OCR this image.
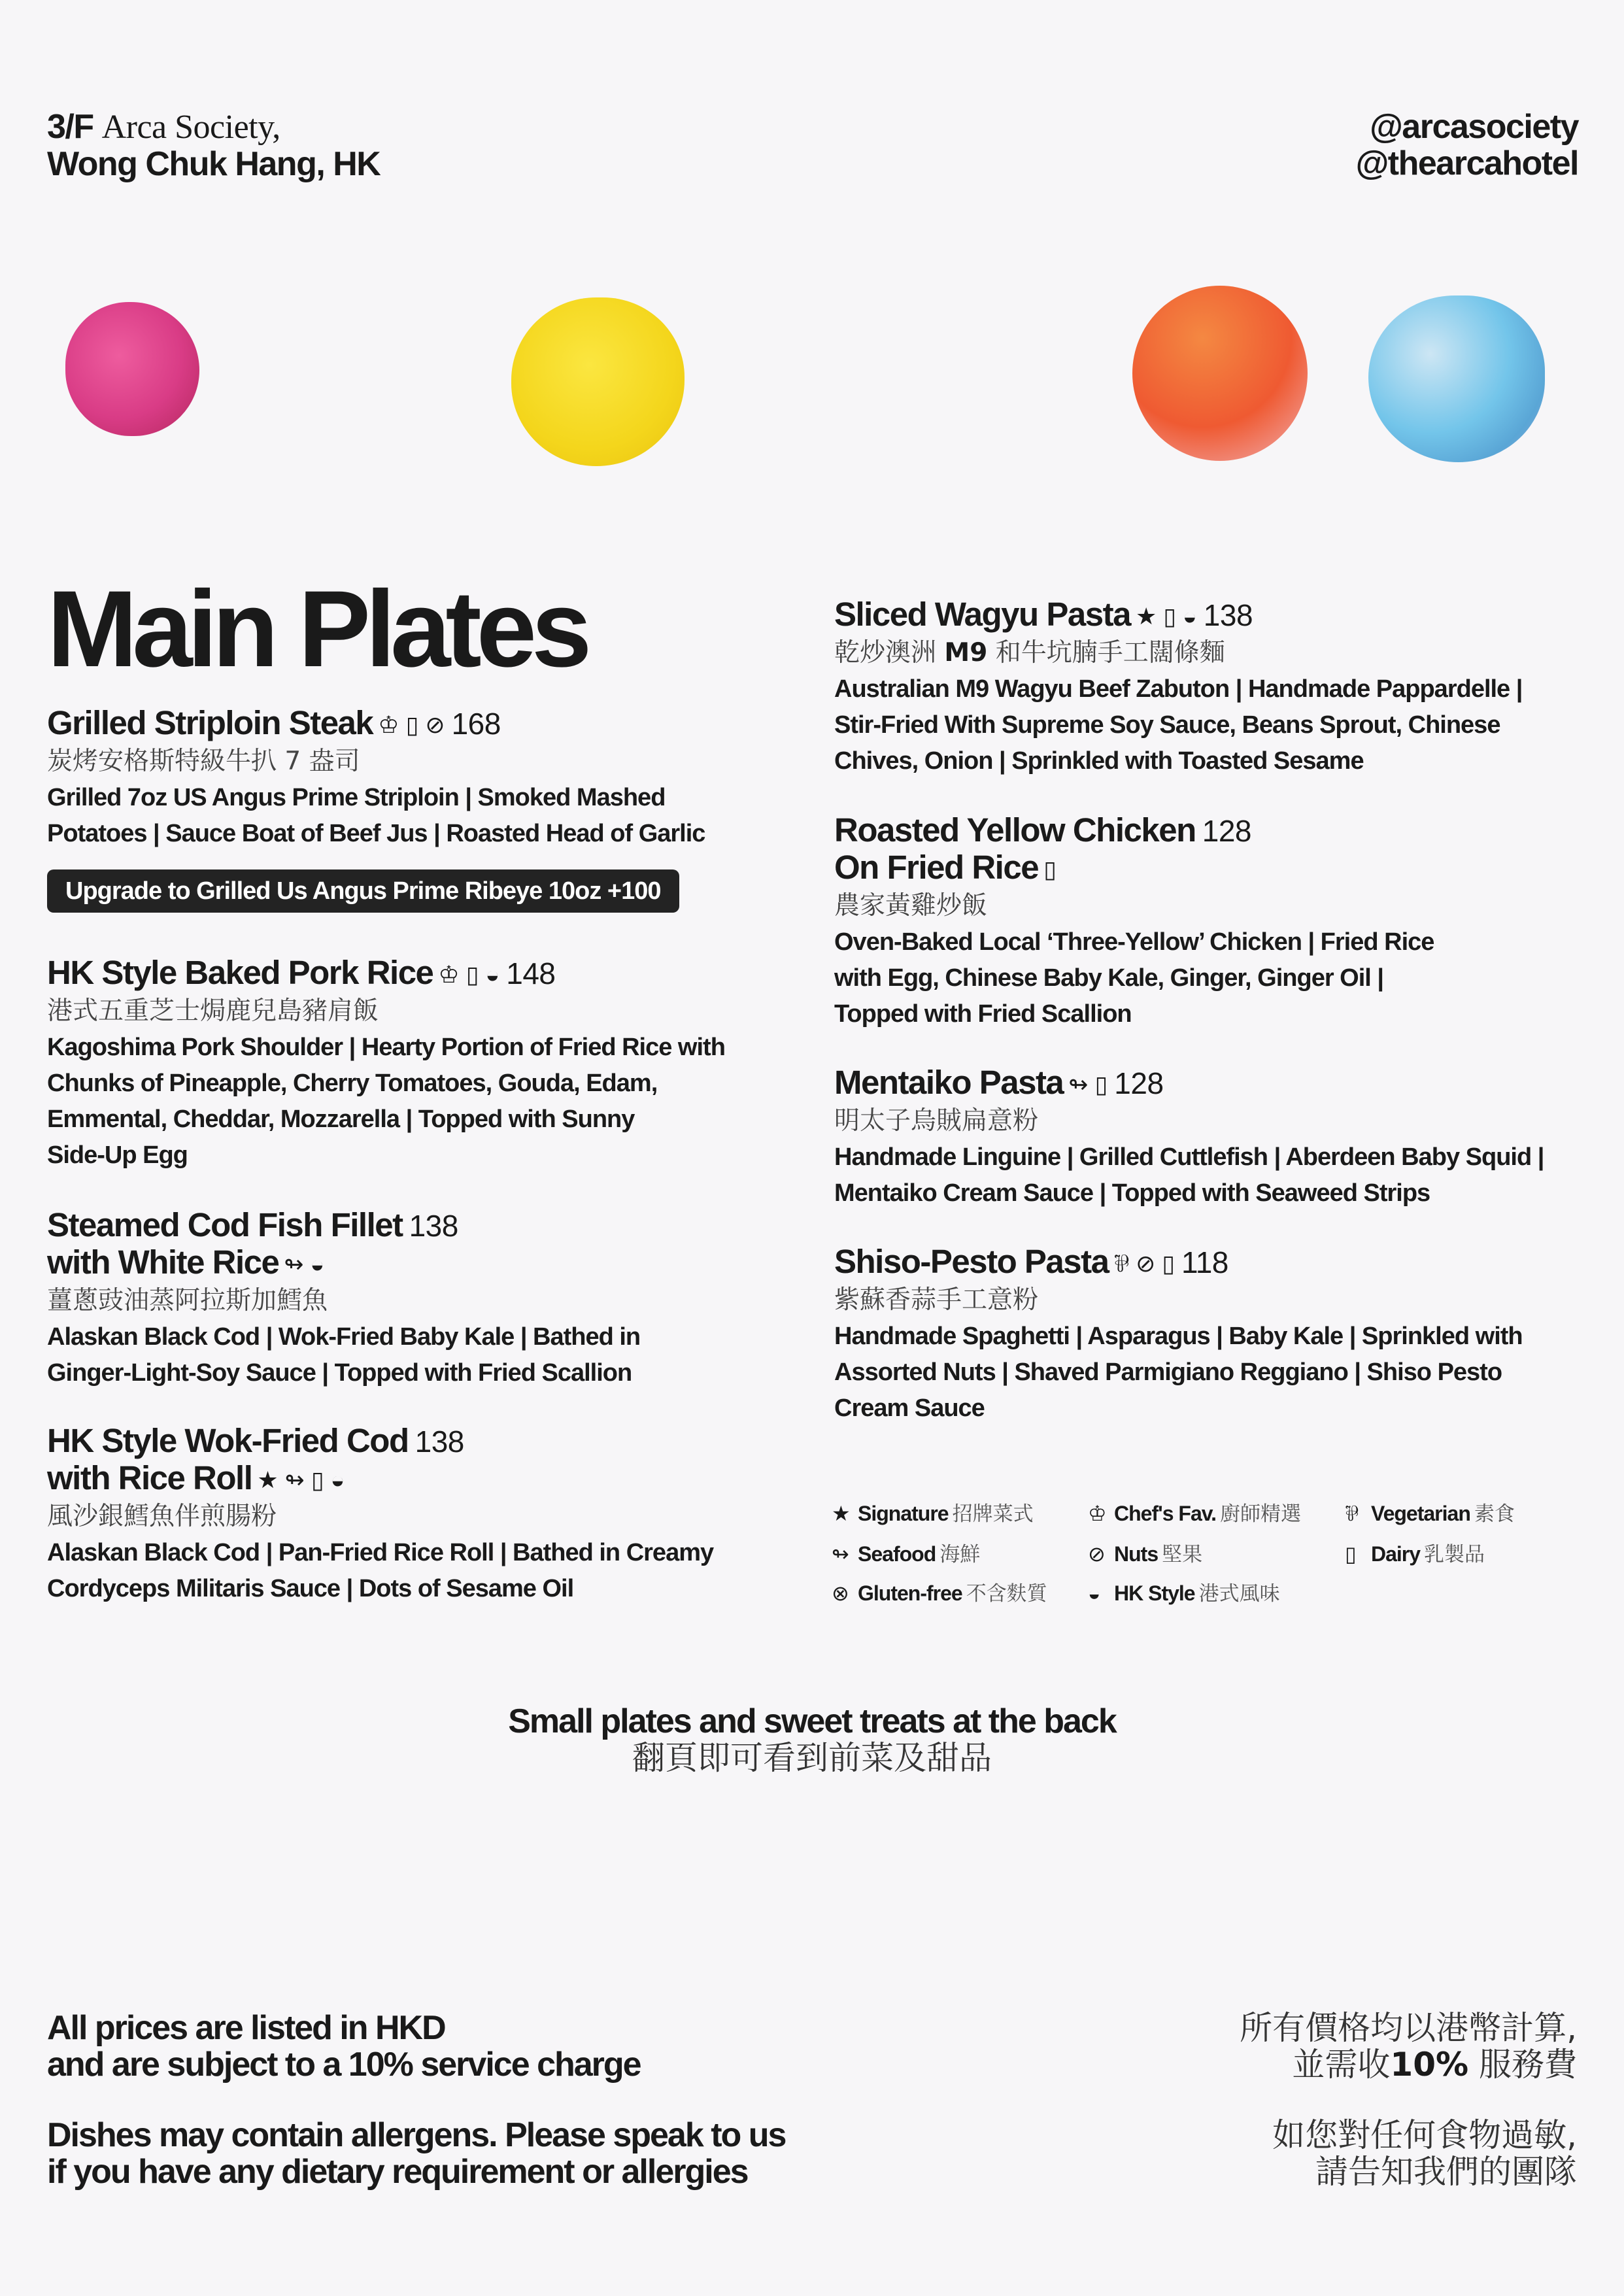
3/F Arca Society,
Wong Chuk Hang, HK
@arcasociety
@thearcahotel
Main Plates
Grilled Striploin Steak ♔ ▯ ⊘ 168
炭烤安格斯特級牛扒 7 盎司
Grilled 7oz US Angus Prime Striploin | Smoked Mashed
Potatoes | Sauce Boat of Beef Jus | Roasted Head of Garlic
Upgrade to Grilled Us Angus Prime Ribeye 10oz +100
HK Style Baked Pork Rice ♔ ▯ ◒ 148
港式五重芝士焗鹿兒島豬肩飯
Kagoshima Pork Shoulder | Hearty Portion of Fried Rice with
Chunks of Pineapple, Cherry Tomatoes, Gouda, Edam,
Emmental, Cheddar, Mozzarella | Topped with Sunny
Side-Up Egg
Steamed Cod Fish Fillet 138
with White Rice ↬ ◒
薑蔥豉油蒸阿拉斯加鱈魚
Alaskan Black Cod | Wok-Fried Baby Kale | Bathed in
Ginger-Light-Soy Sauce | Topped with Fried Scallion
HK Style Wok-Fried Cod 138
with Rice Roll ★ ↬ ▯ ◒
風沙銀鱈魚伴煎腸粉
Alaskan Black Cod | Pan-Fried Rice Roll | Bathed in Creamy
Cordyceps Militaris Sauce | Dots of Sesame Oil
Sliced Wagyu Pasta ★ ▯ ◒ 138
乾炒澳洲 M9 和牛坑腩手工闊條麵
Australian M9 Wagyu Beef Zabuton | Handmade Pappardelle |
Stir-Fried With Supreme Soy Sauce, Beans Sprout, Chinese
Chives, Onion | Sprinkled with Toasted Sesame
Roasted Yellow Chicken 128
On Fried Rice ▯
農家黃雞炒飯
Oven-Baked Local ‘Three-Yellow’ Chicken | Fried Rice
with Egg, Chinese Baby Kale, Ginger, Ginger Oil |
Topped with Fried Scallion
Mentaiko Pasta ↬ ▯ 128
明太子烏賊扁意粉
Handmade Linguine | Grilled Cuttlefish | Aberdeen Baby Squid |
Mentaiko Cream Sauce | Topped with Seaweed Strips
Shiso-Pesto Pasta ⅌ ⊘ ▯ 118
紫蘇香蒜手工意粉
Handmade Spaghetti | Asparagus | Baby Kale | Sprinkled with
Assorted Nuts | Shaved Parmigiano Reggiano | Shiso Pesto
Cream Sauce
★ Signature 招牌菜式	♔ Chef's Fav. 廚師精選 ⅌ Vegetarian 素食
↬ Seafood 海鮮	⊘ Nuts 堅果	▯ Dairy 乳製品
⊗ Gluten-free 不含麩質 ◒ HK Style 港式風味
Small plates and sweet treats at the back
翻頁即可看到前菜及甜品
All prices are listed in HKD
and are subject to a 10% service charge
Dishes may contain allergens. Please speak to us
if you have any dietary requirement or allergies
所有價格均以港幣計算,
並需收10% 服務費
如您對任何食物過敏,
請告知我們的團隊
